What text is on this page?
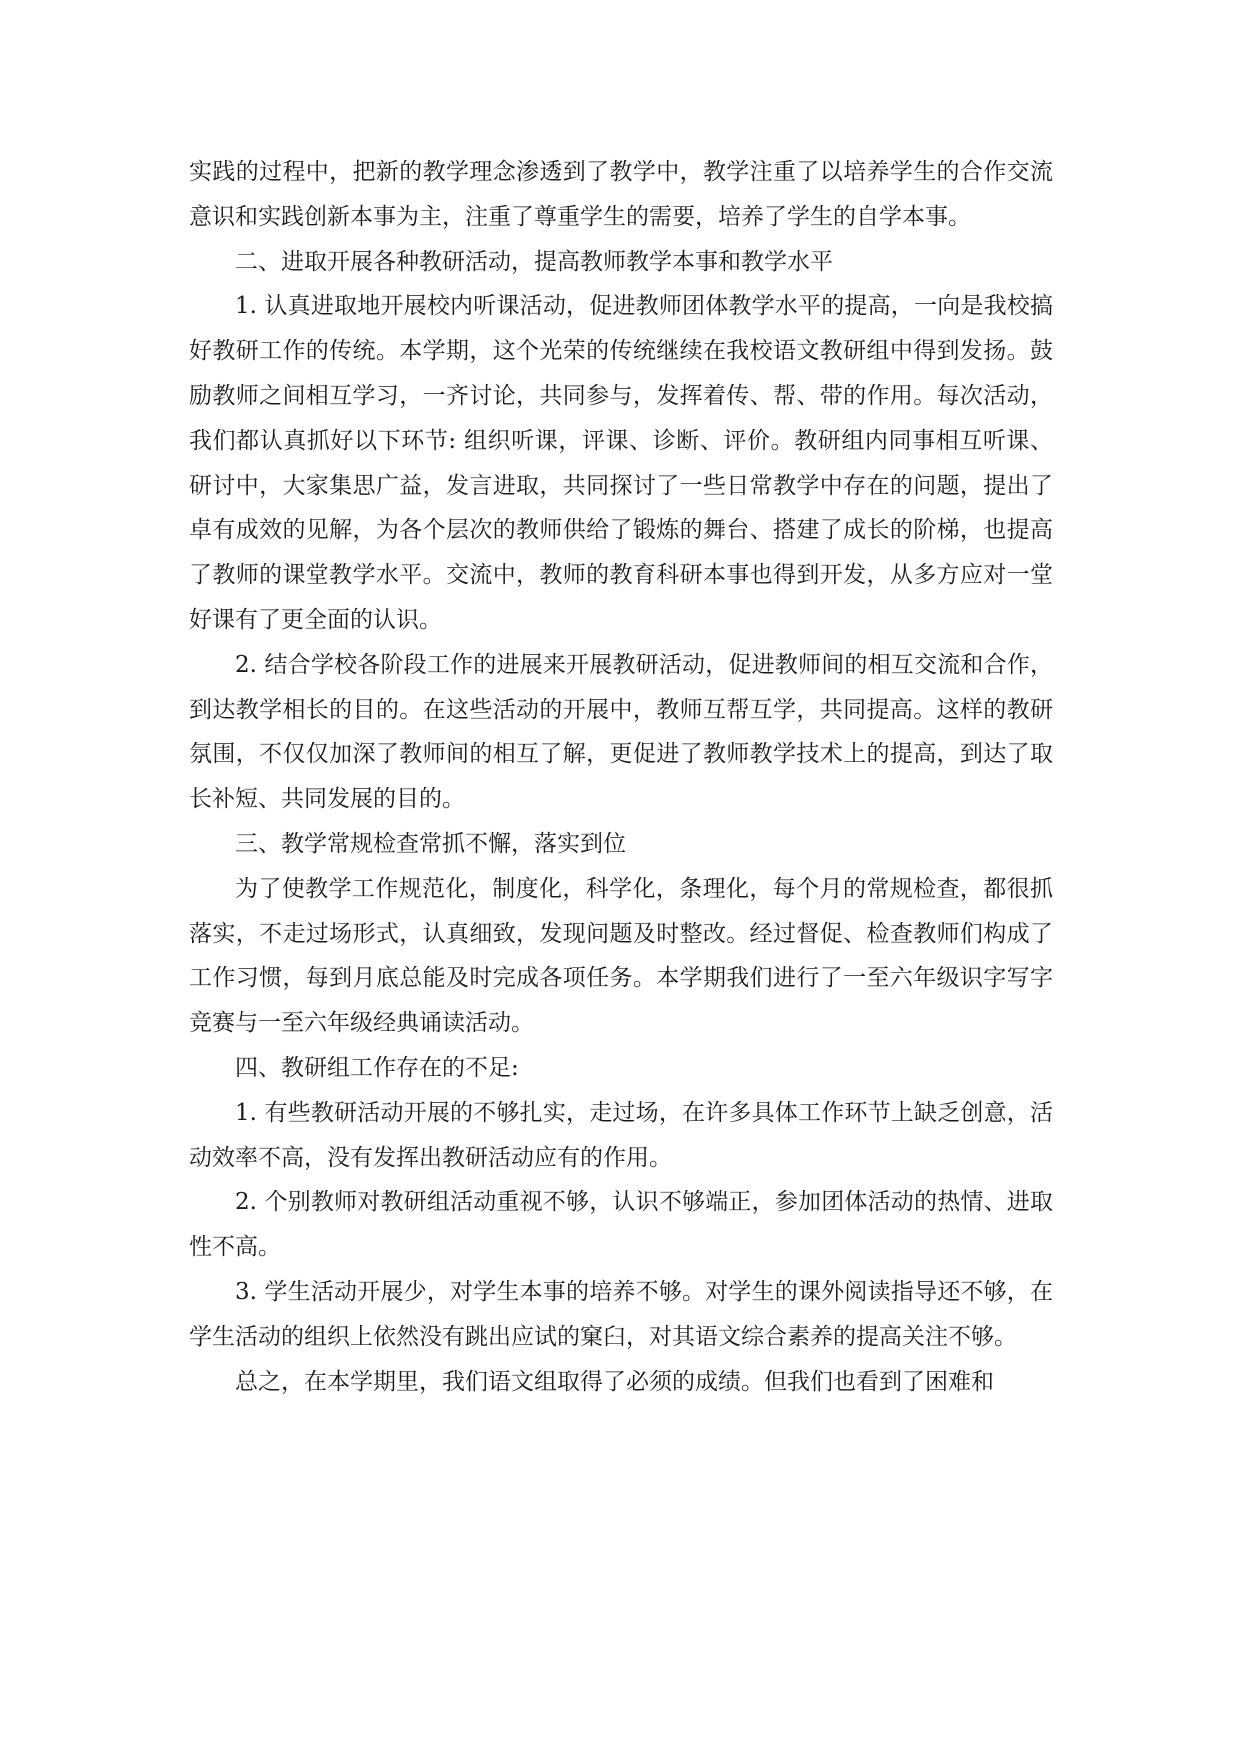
实践的过程中，把新的教学理念渗透到了教学中，教学注重了以培养学生的合作交流意识和实践创新本事为主，注重了尊重学生的需要，培养了学生的自学本事。

二、进取开展各种教研活动，提高教师教学本事和教学水平

1. 认真进取地开展校内听课活动，促进教师团体教学水平的提高，一向是我校搞好教研工作的传统。本学期，这个光荣的传统继续在我校语文教研组中得到发扬。鼓励教师之间相互学习，一齐讨论，共同参与，发挥着传、帮、带的作用。每次活动，我们都认真抓好以下环节: 组织听课，评课、诊断、评价。教研组内同事相互听课、研讨中，大家集思广益，发言进取，共同探讨了一些日常教学中存在的问题，提出了卓有成效的见解，为各个层次的教师供给了锻炼的舞台、搭建了成长的阶梯，也提高了教师的课堂教学水平。交流中，教师的教育科研本事也得到开发，从多方应对一堂好课有了更全面的认识。

2. 结合学校各阶段工作的进展来开展教研活动，促进教师间的相互交流和合作，到达教学相长的目的。在这些活动的开展中，教师互帮互学，共同提高。这样的教研氛围，不仅仅加深了教师间的相互了解，更促进了教师教学技术上的提高，到达了取长补短、共同发展的目的。

三、教学常规检查常抓不懈，落实到位

为了使教学工作规范化，制度化，科学化，条理化，每个月的常规检查，都很抓落实，不走过场形式，认真细致，发现问题及时整改。经过督促、检查教师们构成了工作习惯，每到月底总能及时完成各项任务。本学期我们进行了一至六年级识字写字竞赛与一至六年级经典诵读活动。

四、教研组工作存在的不足:

1. 有些教研活动开展的不够扎实，走过场，在许多具体工作环节上缺乏创意，活动效率不高，没有发挥出教研活动应有的作用。

2. 个别教师对教研组活动重视不够，认识不够端正，参加团体活动的热情、进取性不高。

3. 学生活动开展少，对学生本事的培养不够。对学生的课外阅读指导还不够，在学生活动的组织上依然没有跳出应试的窠臼，对其语文综合素养的提高关注不够。

总之，在本学期里，我们语文组取得了必须的成绩。但我们也看到了困难和
